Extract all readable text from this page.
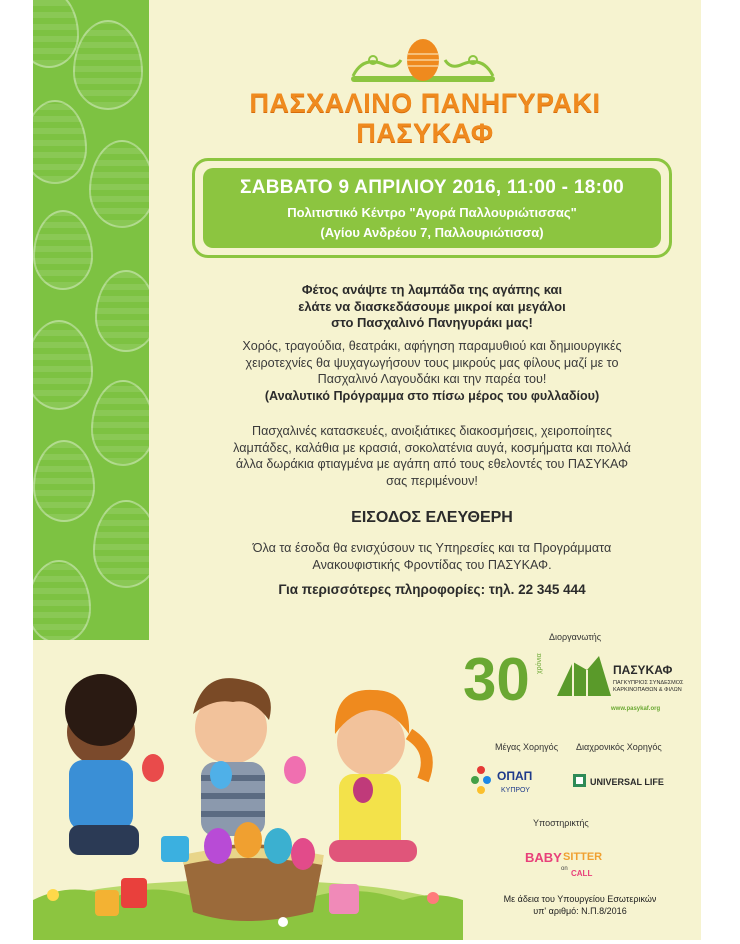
ΠΑΣΧΑΛΙΝΟ ΠΑΝΗΓΥΡΑΚΙ
ΠΑΣΥΚΑΦ
ΣΑΒΒΑΤΟ 9 ΑΠΡΙΛΙΟΥ 2016, 11:00 - 18:00
Πολιτιστικό Κέντρο "Αγορά Παλλουριώτισσας"
(Αγίου Ανδρέου 7, Παλλουριώτισσα)
Φέτος ανάψτε τη λαμπάδα της αγάπης και
ελάτε να διασκεδάσουμε μικροί και μεγάλοι
στο Πασχαλινό Πανηγυράκι μας!
Χορός, τραγούδια, θεατράκι, αφήγηση παραμυθιού και δημιουργικές
χειροτεχνίες θα ψυχαγωγήσουν τους μικρούς μας φίλους μαζί με το
Πασχαλινό Λαγουδάκι και την παρέα του!
(Αναλυτικό Πρόγραμμα στο πίσω μέρος του φυλλαδίου)
Πασχαλινές κατασκευές, ανοιξιάτικες διακοσμήσεις, χειροποίητες
λαμπάδες, καλάθια με κρασιά, σοκολατένια αυγά, κοσμήματα και πολλά
άλλα δωράκια φτιαγμένα με αγάπη από τους εθελοντές του ΠΑΣΥΚΑΦ
σας περιμένουν!
ΕΙΣΟΔΟΣ ΕΛΕΥΘΕΡΗ
Όλα τα έσοδα θα ενισχύσουν τις Υπηρεσίες και τα Προγράμματα
Ανακουφιστικής Φροντίδας του ΠΑΣΥΚΑΦ.
Για περισσότερες πληροφορίες: τηλ. 22 345 444
Διοργανωτής
30 χρόνια	ΠΑΣΥΚΑΦ
ΠΑΓΚΥΠΡΙΟΣ ΣΥΝΔΕΣΜΟΣ
ΚΑΡΚΙΝΟΠΑΘΩΝ & ΦΙΛΩΝ
www.pasykaf.org
Μέγας Χορηγός Διαχρονικός Χορηγός
ΟΠΑΠ
ΚΥΠΡΟΥ
UNIVERSAL LIFE
Υποστηρικτής
BABY SITTER
on CALL
Με άδεια του Υπουργείου Εσωτερικών
υπ' αριθμό: Ν.Π.8/2016
